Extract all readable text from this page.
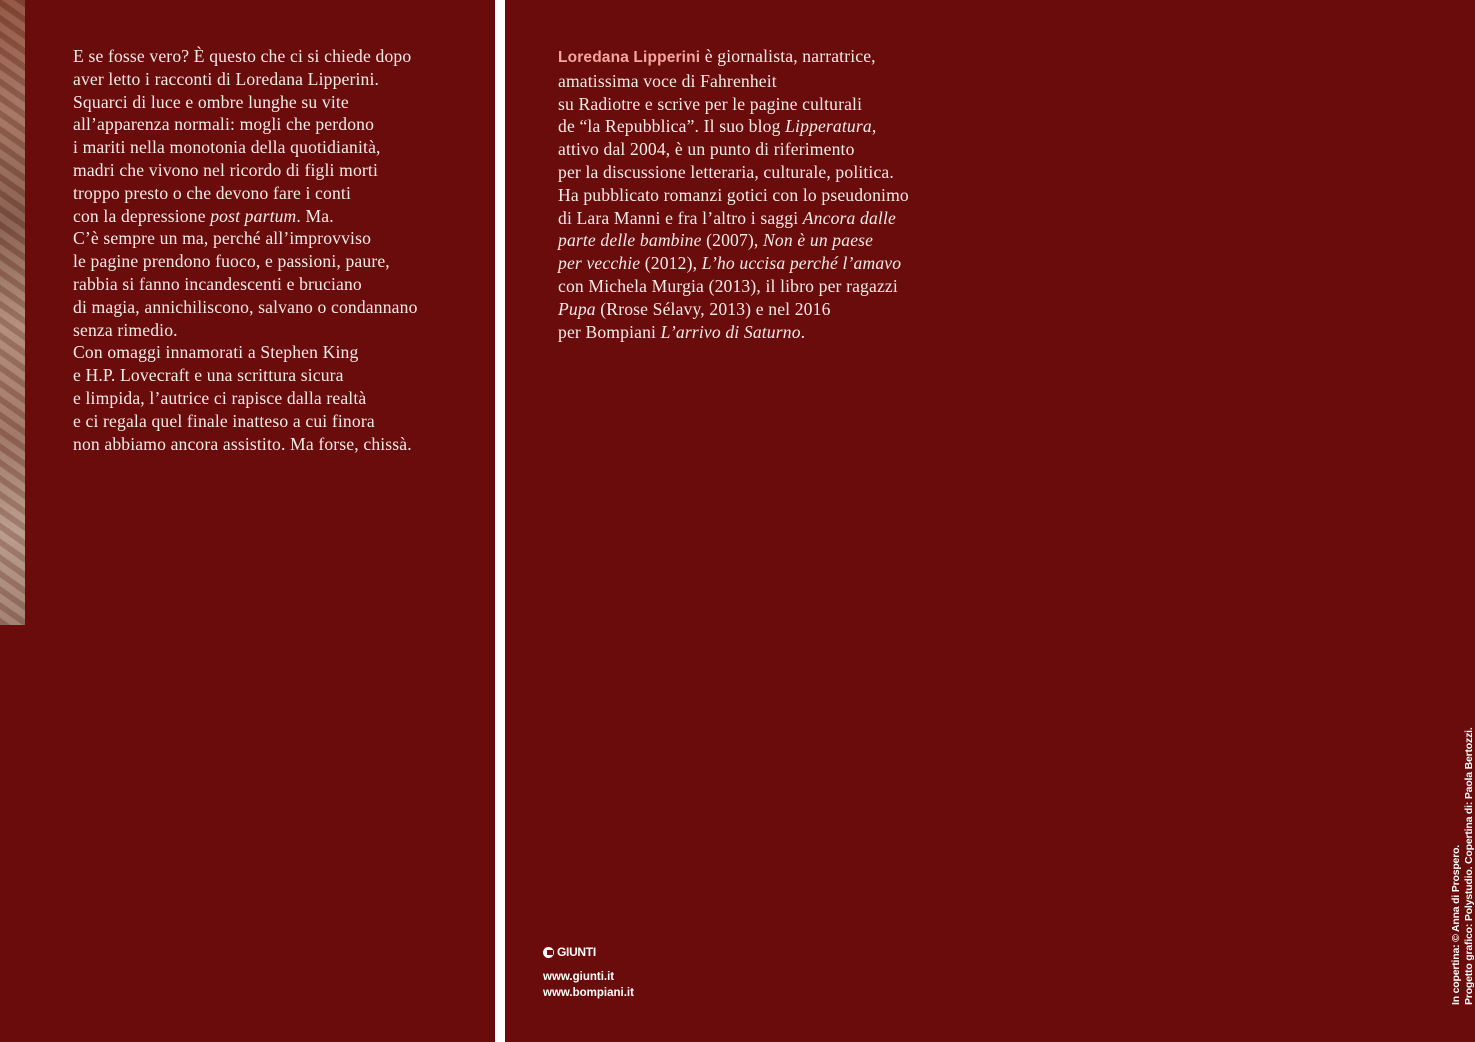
E se fosse vero? È questo che ci si chiede dopo
aver letto i racconti di Loredana Lipperini.
Squarci di luce e ombre lunghe su vite
all’apparenza normali: mogli che perdono
i mariti nella monotonia della quotidianità,
madri che vivono nel ricordo di figli morti
troppo presto o che devono fare i conti
con la depressione post partum. Ma.
C’è sempre un ma, perché all’improvviso
le pagine prendono fuoco, e passioni, paure,
rabbia si fanno incandescenti e bruciano
di magia, annichiliscono, salvano o condannano
senza rimedio.
Con omaggi innamorati a Stephen King
e H.P. Lovecraft e una scrittura sicura
e limpida, l’autrice ci rapisce dalla realtà
e ci regala quel finale inatteso a cui finora
non abbiamo ancora assistito. Ma forse, chissà.
Loredana Lipperini è giornalista, narratrice,
amatissima voce di Fahrenheit
su Radiotre e scrive per le pagine culturali
de “la Repubblica”. Il suo blog Lipperatura,
attivo dal 2004, è un punto di riferimento
per la discussione letteraria, culturale, politica.
Ha pubblicato romanzi gotici con lo pseudonimo
di Lara Manni e fra l’altro i saggi Ancora dalle
parte delle bambine (2007), Non è un paese
per vecchie (2012), L’ho uccisa perché l’amavo
con Michela Murgia (2013), il libro per ragazzi
Pupa (Rrose Sélavy, 2013) e nel 2016
per Bompiani L’arrivo di Saturno.
GIUNTI
www.giunti.it
www.bompiani.it	In copertina: © Anna di Prospero. Progetto grafico: Polystudio. Copertina di: Paola Bertozzi.
